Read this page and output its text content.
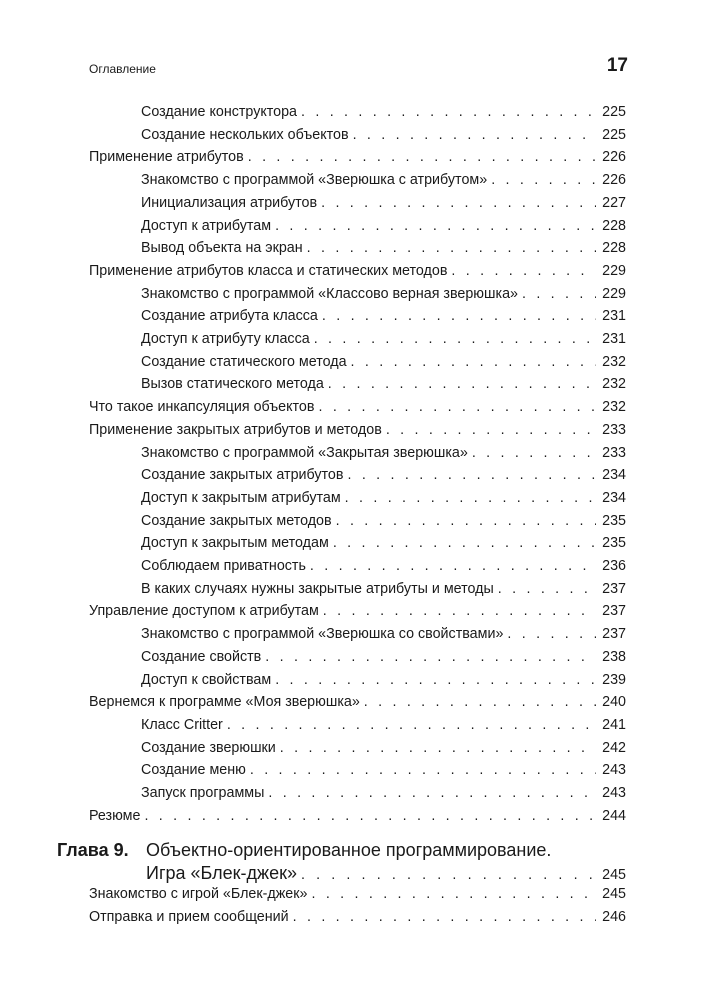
Оглавление	17
Создание конструктора . . .	225
Создание нескольких объектов . . .	225
Применение атрибутов . . .	226
Знакомство с программой «Зверюшка с атрибутом» . . .	226
Инициализация атрибутов . . .	227
Доступ к атрибутам . . .	228
Вывод объекта на экран . . .	228
Применение атрибутов класса и статических методов . . .	229
Знакомство с программой «Классово верная зверюшка» . . .	229
Создание атрибута класса . . .	231
Доступ к атрибуту класса . . .	231
Создание статического метода . . .	232
Вызов статического метода . . .	232
Что такое инкапсуляция объектов . . .	232
Применение закрытых атрибутов и методов . . .	233
Знакомство с программой «Закрытая зверюшка» . . .	233
Создание закрытых атрибутов . . .	234
Доступ к закрытым атрибутам . . .	234
Создание закрытых методов . . .	235
Доступ к закрытым методам . . .	235
Соблюдаем приватность . . .	236
В каких случаях нужны закрытые атрибуты и методы . . .	237
Управление доступом к атрибутам . . .	237
Знакомство с программой «Зверюшка со свойствами» . . .	237
Создание свойств . . .	238
Доступ к свойствам . . .	239
Вернемся к программе «Моя зверюшка» . . .	240
Класс Critter . . .	241
Создание зверюшки . . .	242
Создание меню . . .	243
Запуск программы . . .	243
Резюме . . .	244
Глава 9. Объектно-ориентированное программирование.
Игра «Блек-джек» . . .	245
Знакомство с игрой «Блек-джек» . . .	245
Отправка и прием сообщений . . .	246
